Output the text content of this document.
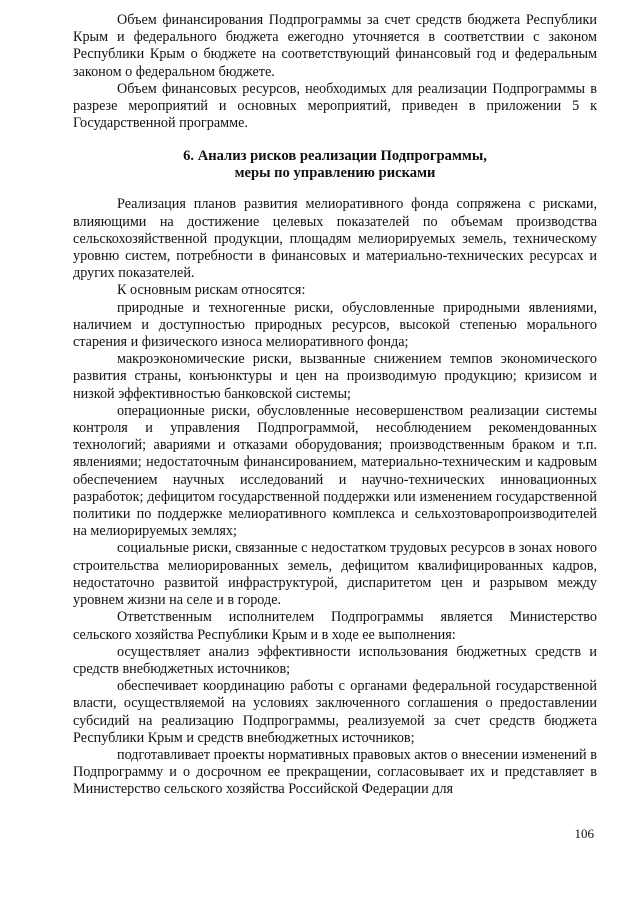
Объем финансирования Подпрограммы за счет средств бюджета Республики Крым и федерального бюджета ежегодно уточняется в соответствии с законом Республики Крым о бюджете на соответствующий финансовый год и федеральным законом о федеральном бюджете.

Объем финансовых ресурсов, необходимых для реализации Подпрограммы в разрезе мероприятий и основных мероприятий, приведен в приложении 5 к Государственной программе.

6. Анализ рисков реализации Подпрограммы,
меры по управлению рисками

Реализация планов развития мелиоративного фонда сопряжена с рисками, влияющими на достижение целевых показателей по объемам производства сельскохозяйственной продукции, площадям мелиорируемых земель, техническому уровню систем, потребности в финансовых и материально-технических ресурсах и других показателей.

К основным рискам относятся:

природные и техногенные риски, обусловленные природными явлениями, наличием и доступностью природных ресурсов, высокой степенью морального старения и физического износа мелиоративного фонда;

макроэкономические риски, вызванные снижением темпов экономического развития страны, конъюнктуры и цен на производимую продукцию; кризисом и низкой эффективностью банковской системы;

операционные риски, обусловленные несовершенством реализации системы контроля и управления Подпрограммой, несоблюдением рекомендованных технологий; авариями и отказами оборудования; производственным браком и т.п. явлениями; недостаточным финансированием, материально-техническим и кадровым обеспечением научных исследований и научно-технических инновационных разработок; дефицитом государственной поддержки или изменением государственной политики по поддержке мелиоративного комплекса и сельхозтоваропроизводителей на мелиорируемых землях;

социальные риски, связанные с недостатком трудовых ресурсов в зонах нового строительства мелиорированных земель, дефицитом квалифицированных кадров, недостаточно развитой инфраструктурой, диспаритетом цен и разрывом между уровнем жизни на селе и в городе.

Ответственным исполнителем Подпрограммы является Министерство сельского хозяйства Республики Крым и в ходе ее выполнения:

осуществляет анализ эффективности использования бюджетных средств и средств внебюджетных источников;

обеспечивает координацию работы с органами федеральной государственной власти, осуществляемой на условиях заключенного соглашения о предоставлении субсидий на реализацию Подпрограммы, реализуемой за счет средств бюджета Республики Крым и средств внебюджетных источников;

подготавливает проекты нормативных правовых актов о внесении изменений в Подпрограмму и о досрочном ее прекращении, согласовывает их и представляет в Министерство сельского хозяйства Российской Федерации для

106
